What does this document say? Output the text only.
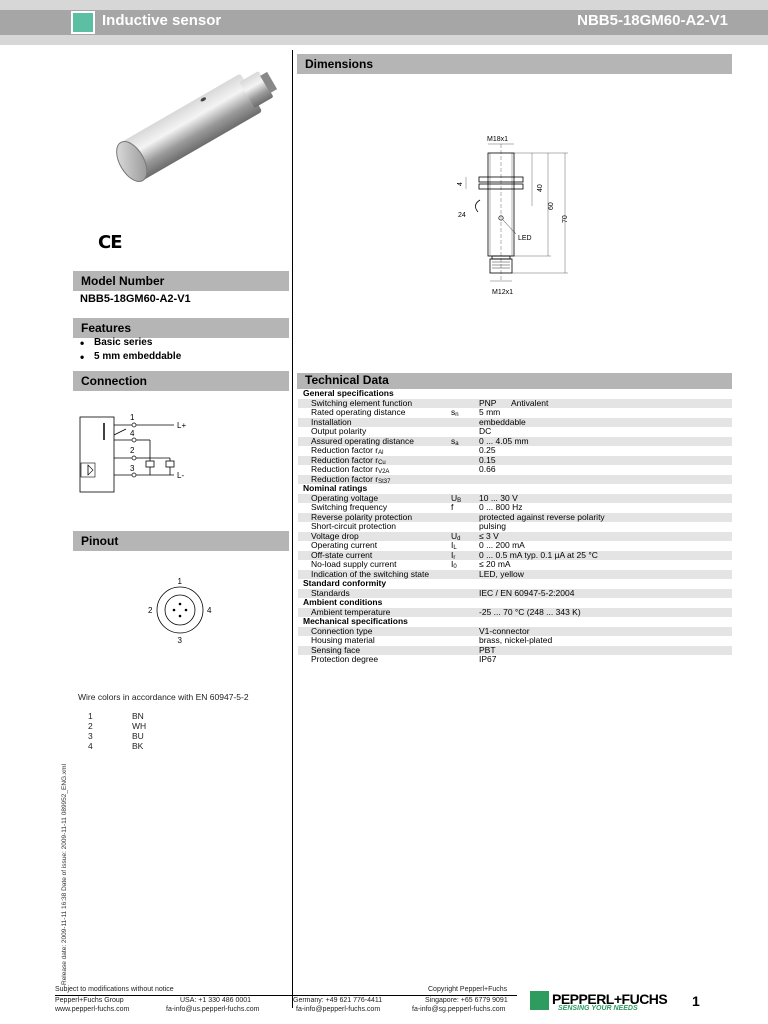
Inductive sensor	NBB5-18GM60-A2-V1
CE
Model Number
NBB5-18GM60-A2-V1
Features
• Basic series
• 5 mm embeddable
Connection
1
L+
4
2
3
L-
Pinout
1
2
3
4
Wire colors in accordance with EN 60947-5-2
1	BN
2	WH
3	BU
4	BK
Release date: 2009-11-11 16:38 Date of issue: 2009-11-11 089952_ENG.xml
Dimensions
LED
M18x1
M12x1
4
40
60
70
24
Technical Data
General specifications
Switching element function	PNP Antivalent
Rated operating distance	$s_n$ 5 mm
Installation	embeddable
Output polarity	DC
Assured operating distance	$s_a$ 0 ... 4.05 mm
Reduction factor $r_{Al}$	0.25
Reduction factor $r_{Cu}$	0.15
Reduction factor $r_{V2A}$	0.66
Reduction factor $r_{St37}$
Nominal ratings
Operating voltage	$U_B$ 10 ... 30 V
Switching frequency	f	0 ... 800 Hz
Reverse polarity protection	protected against reverse polarity
Short-circuit protection	pulsing
Voltage drop	$U_d \le 3$ V
Operating current	$I_L$	0 ... 200 mA
Off-state current	$I_r$	0 ... 0.5 mA typ. 0.1 µA at 25 °C
No-load supply current	$I_0$	≤ 20 mA
Indication of the switching state	LED, yellow
Standard conformity
Standards	IEC / EN 60947-5-2:2004
Ambient conditions
Ambient temperature	-25 ... 70 °C (248 ... 343 K)
Mechanical specifications
Connection type	V1-connector
Housing material	brass, nickel-plated
Sensing face	PBT
Protection degree	IP67
Subject to modifications without notice	Copyright Pepperl+Fuchs
Pepperl+Fuchs Group
www.pepperl-fuchs.com
USA: +1 330 486 0001
fa-info@us.pepperl-fuchs.com
Germany: +49 621 776-4411
fa-info@pepperl-fuchs.com
Singapore: +65 6779 9091
fa-info@sg.pepperl-fuchs.com
PEPPERL+FUCHS
SENSING YOUR NEEDS	1
